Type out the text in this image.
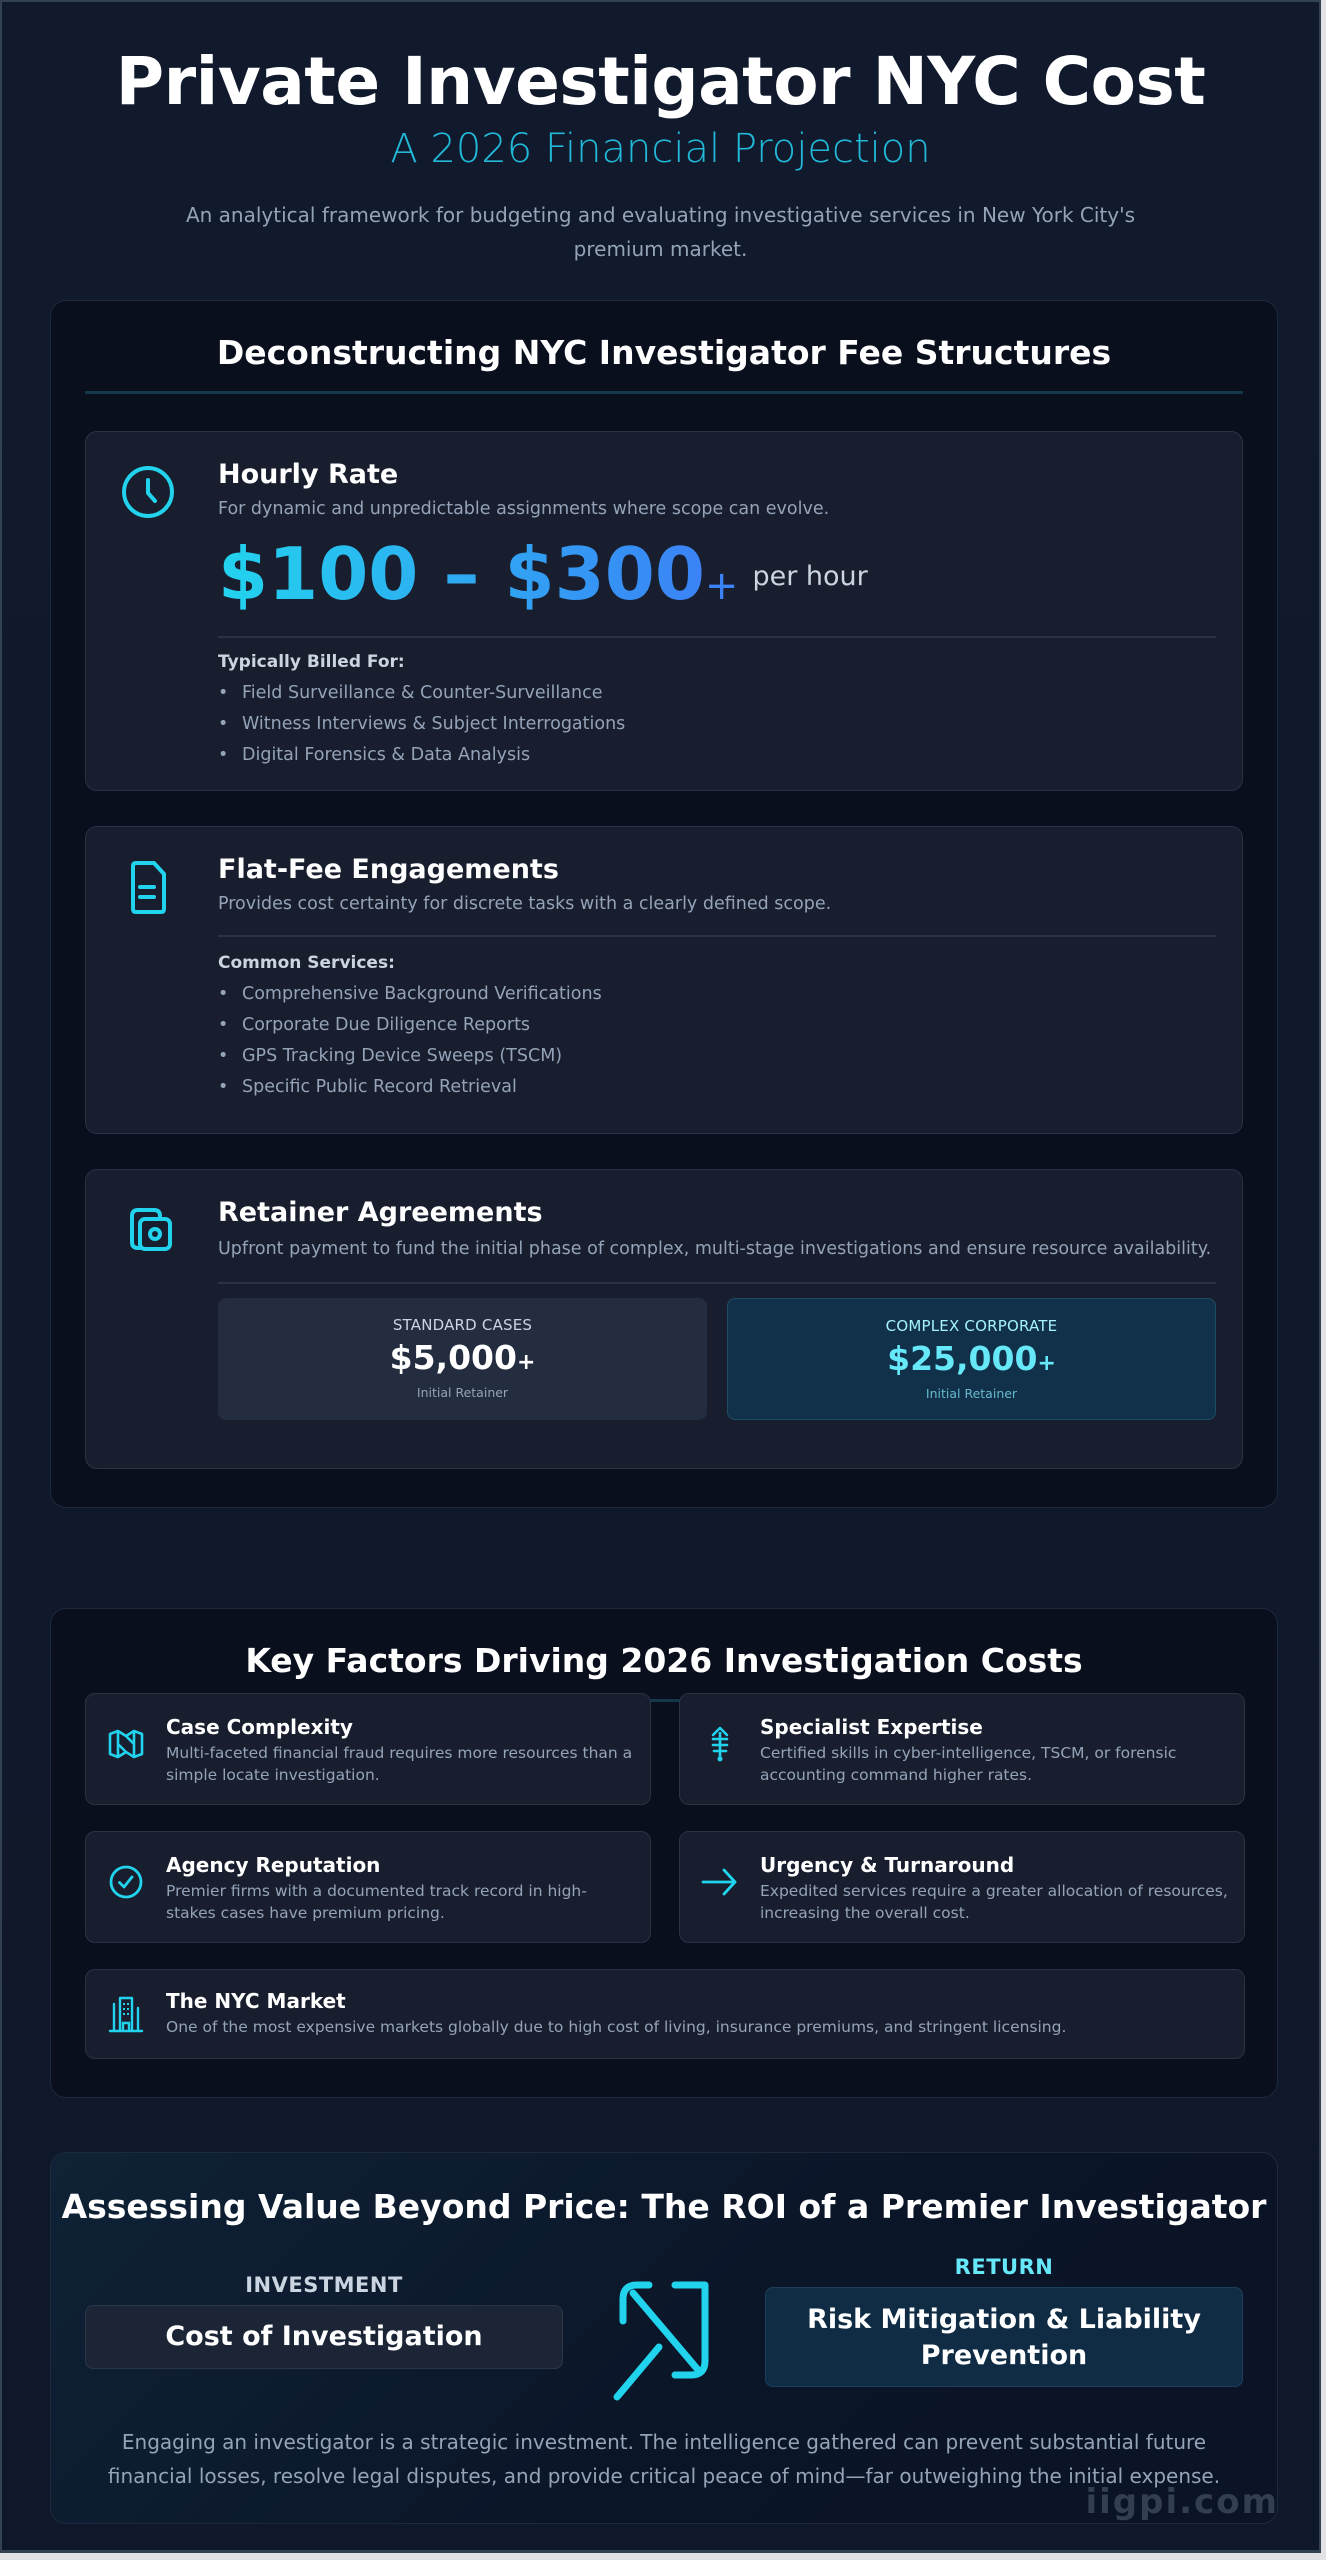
Private Investigator NYC Cost
A 2026 Financial Projection
An analytical framework for budgeting and evaluating investigative services in New York City's premium market.
Deconstructing NYC Investigator Fee Structures
Hourly Rate
For dynamic and unpredictable assignments where scope can evolve.
$100 – $300+ per hour
Typically Billed For:
• Field Surveillance & Counter-Surveillance
• Witness Interviews & Subject Interrogations
• Digital Forensics & Data Analysis
Flat-Fee Engagements
Provides cost certainty for discrete tasks with a clearly defined scope.
Common Services:
• Comprehensive Background Verifications
• Corporate Due Diligence Reports
• GPS Tracking Device Sweeps (TSCM)
• Specific Public Record Retrieval
Retainer Agreements
Upfront payment to fund the initial phase of complex, multi-stage investigations and ensure resource availability.
STANDARD CASES
$5,000+
Initial Retainer
COMPLEX CORPORATE
$25,000+
Initial Retainer
Key Factors Driving 2026 Investigation Costs
Case Complexity

Multi-faceted financial fraud requires more resources than a simple locate investigation.

Specialist Expertise

Certified skills in cyber-intelligence, TSCM, or forensic accounting command higher rates.

Agency Reputation

Premier firms with a documented track record in high-stakes cases have premium pricing.

Urgency & Turnaround

Expedited services require a greater allocation of resources, increasing the overall cost.

The NYC Market

One of the most expensive markets globally due to high cost of living, insurance premiums, and stringent licensing.

Assessing Value Beyond Price: The ROI of a Premier Investigator
INVESTMENT
Cost of Investigation
RETURN
Risk Mitigation & Liability Prevention
Engaging an investigator is a strategic investment. The intelligence gathered can prevent substantial future financial losses, resolve legal disputes, and provide critical peace of mind—far outweighing the initial expense.
iigpi.com
